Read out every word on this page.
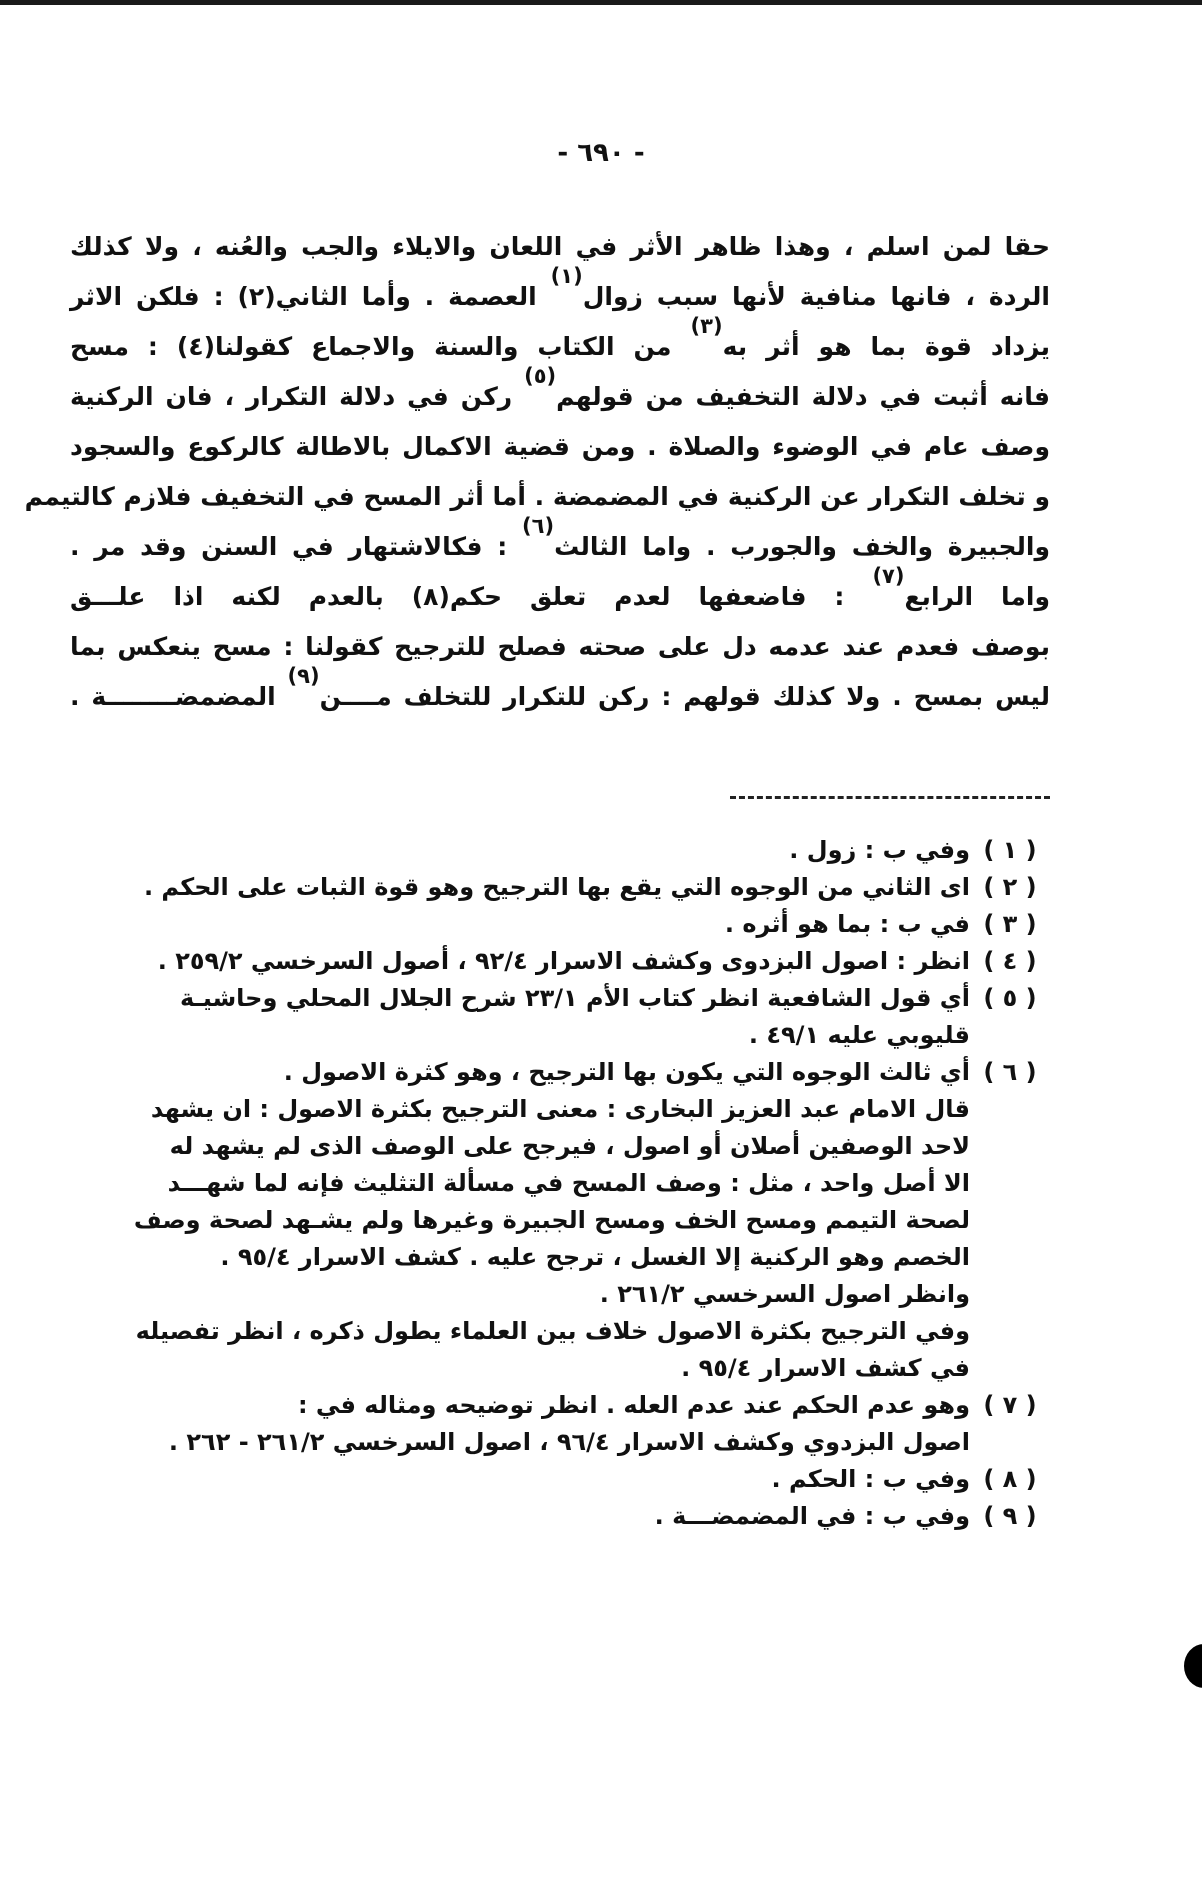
- ٦٩٠ -
حقا لمن اسلم ، وهذا ظاهر الأثر في اللعان والايلاء والجب والعُنه ، ولا كذلك
الردة ، فانها منافية لأنها سبب زوال$^{(١)}$ العصمة . وأما الثاني(٢) : فلكن الاثر
يزداد قوة بما هو أثر به$^{(٣)}$ من الكتاب والسنة والاجماع كقولنا(٤) : مسح
فانه أثبت في دلالة التخفيف من قولهم$^{(٥)}$ ركن في دلالة التكرار ، فان الركنية
وصف عام في الوضوء والصلاة . ومن قضية الاكمال بالاطالة كالركوع والسجود
و تخلف التكرار عن الركنية في المضمضة . أما أثر المسح في التخفيف فلازم كالتيمم
والجبيرة والخف والجورب . واما الثالث$^{(٦)}$ : فكالاشتهار في السنن وقد مر .
واما الرابع$^{(٧)}$ : فاضعفها لعدم تعلق حكم(٨) بالعدم لكنه اذا علـــق
بوصف فعدم عند عدمه دل على صحته فصلح للترجيح كقولنا : مسح ينعكس بما
ليس بمسح . ولا كذلك قولهم : ركن للتكرار للتخلف مــــن$^{(٩)}$ المضمضــــــــة .
( ١ )
وفي ب : زول .
( ٢ )
اى الثاني من الوجوه التي يقع بها الترجيح وهو قوة الثبات على الحكم .
( ٣ )
في ب : بما هو أثره .
( ٤ )
انظر : اصول البزدوى وكشف الاسرار ٩٢/٤ ، أصول السرخسي ٢٥٩/٢ .
( ٥ )
أي قول الشافعية انظر كتاب الأم ٢٣/١ شرح الجلال المحلي وحاشيـة
قليوبي عليه ٤٩/١ .
( ٦ )
أي ثالث الوجوه التي يكون بها الترجيح ، وهو كثرة الاصول .
قال الامام عبد العزيز البخارى : معنى الترجيح بكثرة الاصول : ان يشهد
لاحد الوصفين أصلان أو اصول ، فيرجح على الوصف الذى لم يشهد له
الا أصل واحد ، مثل : وصف المسح في مسألة التثليث فإنه لما شهـــد
لصحة التيمم ومسح الخف ومسح الجبيرة وغيرها ولم يشـهد لصحة وصف
الخصم وهو الركنية إلا الغسل ، ترجح عليه . كشف الاسرار ٩٥/٤ .
وانظر اصول السرخسي ٢٦١/٢ .
وفي الترجيح بكثرة الاصول خلاف بين العلماء يطول ذكره ، انظر تفصيله
في كشف الاسرار ٩٥/٤ .
( ٧ )
وهو عدم الحكم عند عدم العله . انظر توضيحه ومثاله في :
اصول البزدوي وكشف الاسرار ٩٦/٤ ، اصول السرخسي ٢٦١/٢ - ٢٦٢ .
( ٨ )
وفي ب : الحكم .
( ٩ )
وفي ب : في المضمضـــة .
